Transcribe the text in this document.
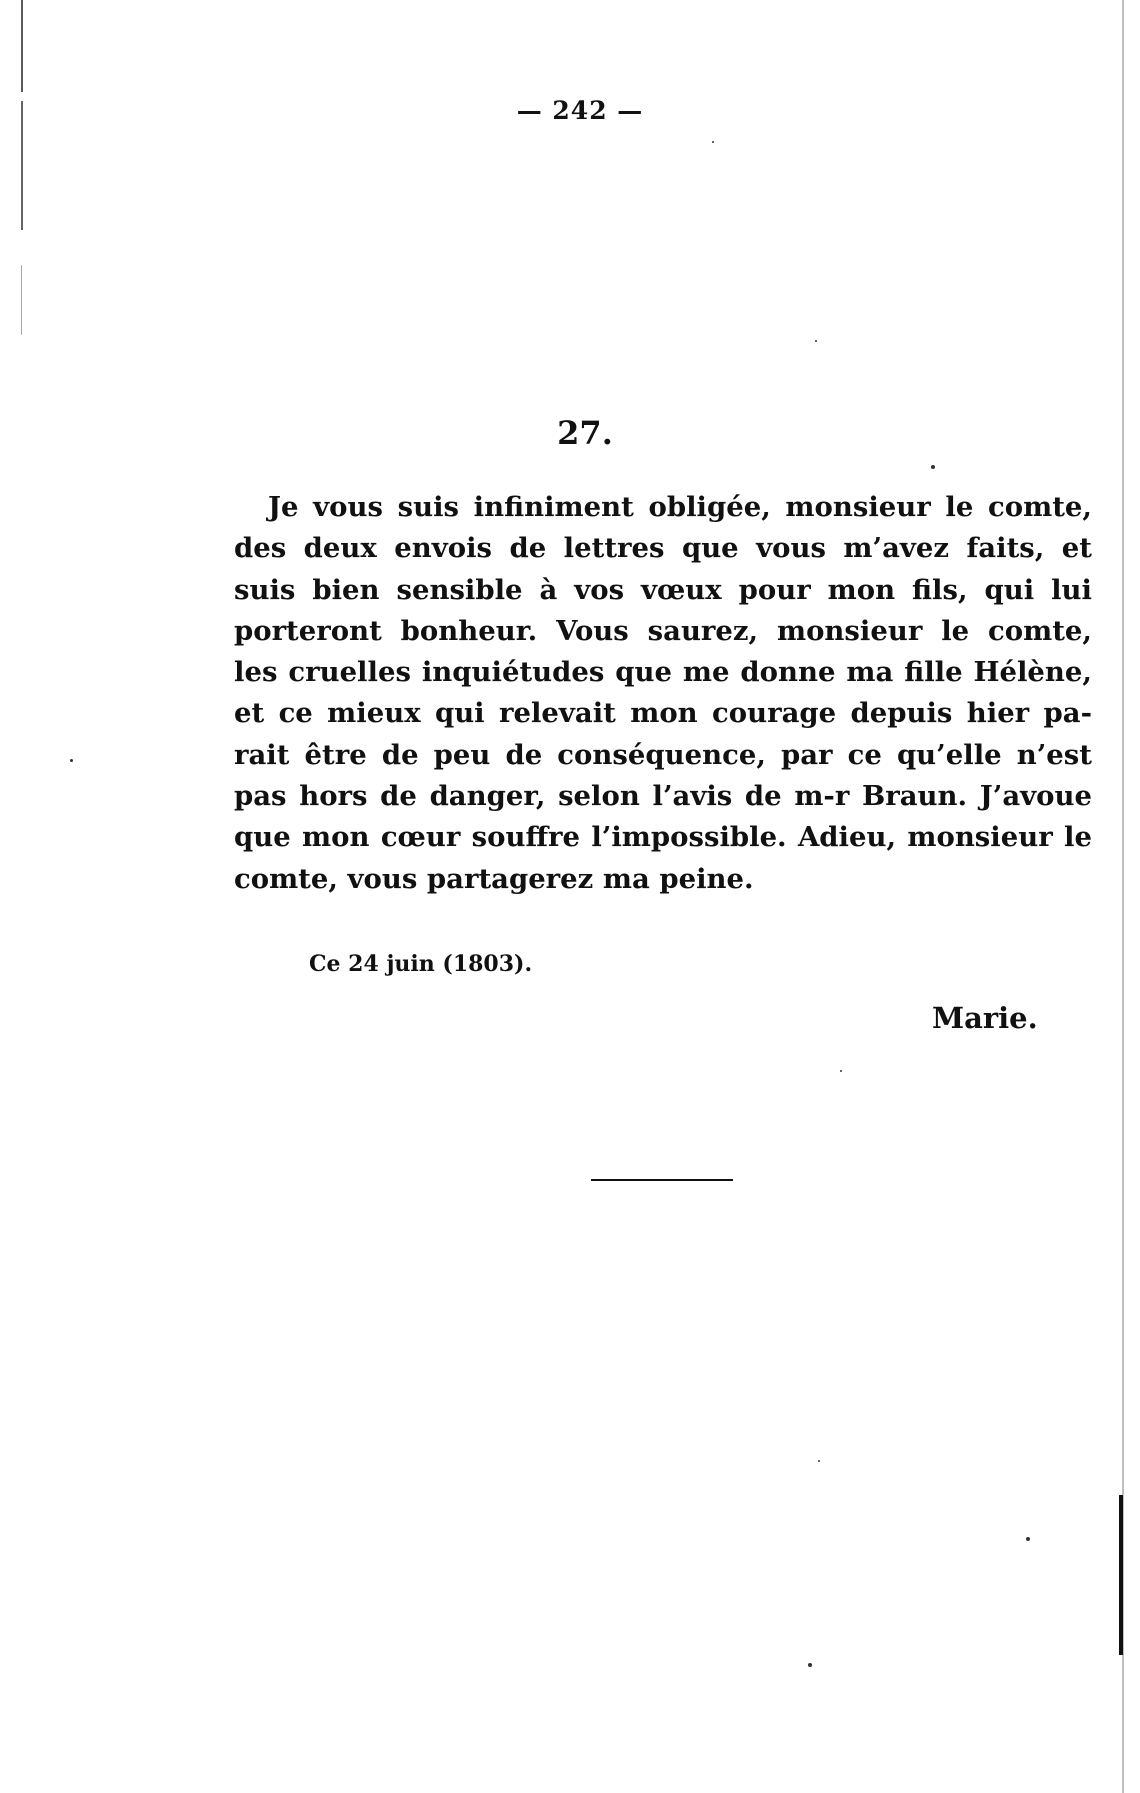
— 242 —
27.
Je vous suis infiniment obligée, monsieur le comte,
des deux envois de lettres que vous m’avez faits, et
suis bien sensible à vos vœux pour mon fils, qui lui
porteront bonheur. Vous saurez, monsieur le comte,
les cruelles inquiétudes que me donne ma fille Hélène,
et ce mieux qui relevait mon courage depuis hier pa-
rait être de peu de conséquence, par ce qu’elle n’est
pas hors de danger, selon l’avis de m-r Braun. J’avoue
que mon cœur souffre l’impossible. Adieu, monsieur le
comte, vous partagerez ma peine.
Ce 24 juin (1803).
Marie.
